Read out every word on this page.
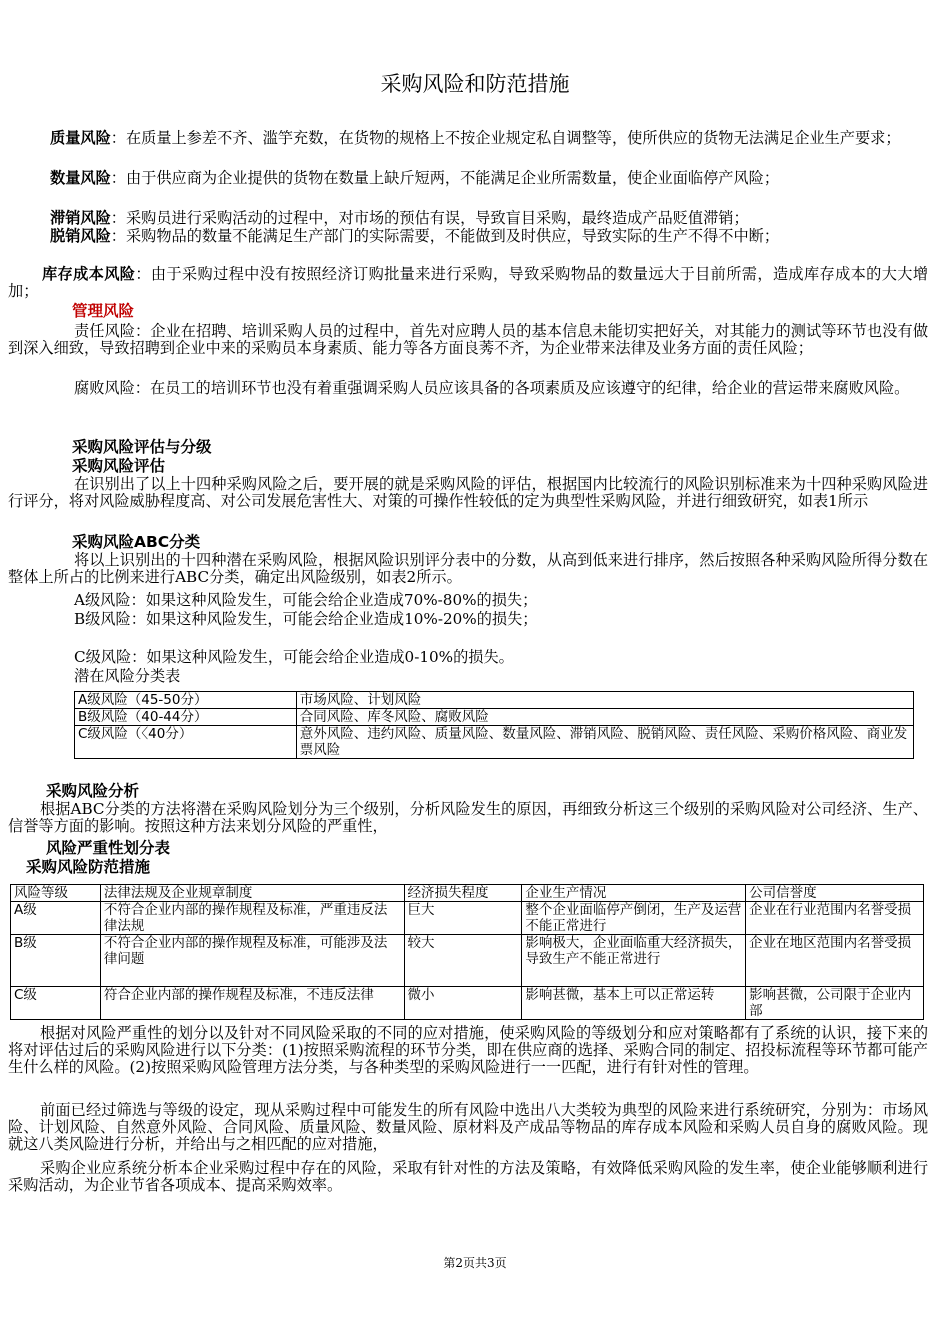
采购风险和防范措施

质量风险：在质量上参差不齐、滥竽充数，在货物的规格上不按企业规定私自调整等，使所供应的货物无法满足企业生产要求；

数量风险：由于供应商为企业提供的货物在数量上缺斤短两，不能满足企业所需数量，使企业面临停产风险；

滞销风险：采购员进行采购活动的过程中，对市场的预估有误，导致盲目采购，最终造成产品贬值滞销；

脱销风险：采购物品的数量不能满足生产部门的实际需要，不能做到及时供应，导致实际的生产不得不中断；

库存成本风险：由于采购过程中没有按照经济订购批量来进行采购，导致采购物品的数量远大于目前所需，造成库存成本的大大增加；

管理风险

责任风险：企业在招聘、培训采购人员的过程中，首先对应聘人员的基本信息未能切实把好关，对其能力的测试等环节也没有做到深入细致，导致招聘到企业中来的采购员本身素质、能力等各方面良莠不齐，为企业带来法律及业务方面的责任风险；

腐败风险：在员工的培训环节也没有着重强调采购人员应该具备的各项素质及应该遵守的纪律，给企业的营运带来腐败风险。

采购风险评估与分级
采购风险评估

在识别出了以上十四种采购风险之后，要开展的就是采购风险的评估，根据国内比较流行的风险识别标准来为十四种采购风险进行评分，将对风险威胁程度高、对公司发展危害性大、对策的可操作性较低的定为典型性采购风险，并进行细致研究，如表1所示

采购风险ABC分类

将以上识别出的十四种潜在采购风险，根据风险识别评分表中的分数，从高到低来进行排序，然后按照各种采购风险所得分数在整体上所占的比例来进行ABC分类，确定出风险级别，如表2所示。

A级风险：如果这种风险发生，可能会给企业造成70%-80%的损失；

B级风险：如果这种风险发生，可能会给企业造成10%-20%的损失；

C级风险：如果这种风险发生，可能会给企业造成0-10%的损失。

潜在风险分类表

A级风险（45-50分）	市场风险、计划风险
B级风险（40-44分）	合同风险、库冬风险、腐败风险
C级风险（〈40分）	意外风险、违约风险、质量风险、数量风险、滞销风险、脱销风险、责任风险、采购价格风险、商业发票风险
采购风险分析

根据ABC分类的方法将潜在采购风险划分为三个级别，分析风险发生的原因，再细致分析这三个级别的采购风险对公司经济、生产、信誉等方面的影响。按照这种方法来划分风险的严重性，

风险严重性划分表
采购风险防范措施
风险等级	法律法规及企业规章制度	经济损失程度	企业生产情况	公司信誉度
A级	不符合企业内部的操作规程及标准，严重违反法律法规	巨大	整个企业面临停产倒闭，生产及运营不能正常进行	企业在行业范围内名誉受损
B级	不符合企业内部的操作规程及标准，可能涉及法律问题	较大	影响极大，企业面临重大经济损失，导致生产不能正常进行	企业在地区范围内名誉受损
C级	符合企业内部的操作规程及标准，不违反法律	微小	影响甚微，基本上可以正常运转	影响甚微，公司限于企业内部

根据对风险严重性的划分以及针对不同风险采取的不同的应对措施，使采购风险的等级划分和应对策略都有了系统的认识，接下来的将对评估过后的采购风险进行以下分类：(1)按照采购流程的环节分类，即在供应商的选择、采购合同的制定、招投标流程等环节都可能产生什么样的风险。(2)按照采购风险管理方法分类，与各种类型的采购风险进行一一匹配，进行有针对性的管理。

前面已经过筛选与等级的设定，现从采购过程中可能发生的所有风险中选出八大类较为典型的风险来进行系统研究，分别为：市场风险、计划风险、自然意外风险、合同风险、质量风险、数量风险、原材料及产成品等物品的库存成本风险和采购人员自身的腐败风险。现就这八类风险进行分析，并给出与之相匹配的应对措施，

采购企业应系统分析本企业采购过程中存在的风险，采取有针对性的方法及策略，有效降低采购风险的发生率，使企业能够顺利进行采购活动，为企业节省各项成本、提高采购效率。

第2页共3页
